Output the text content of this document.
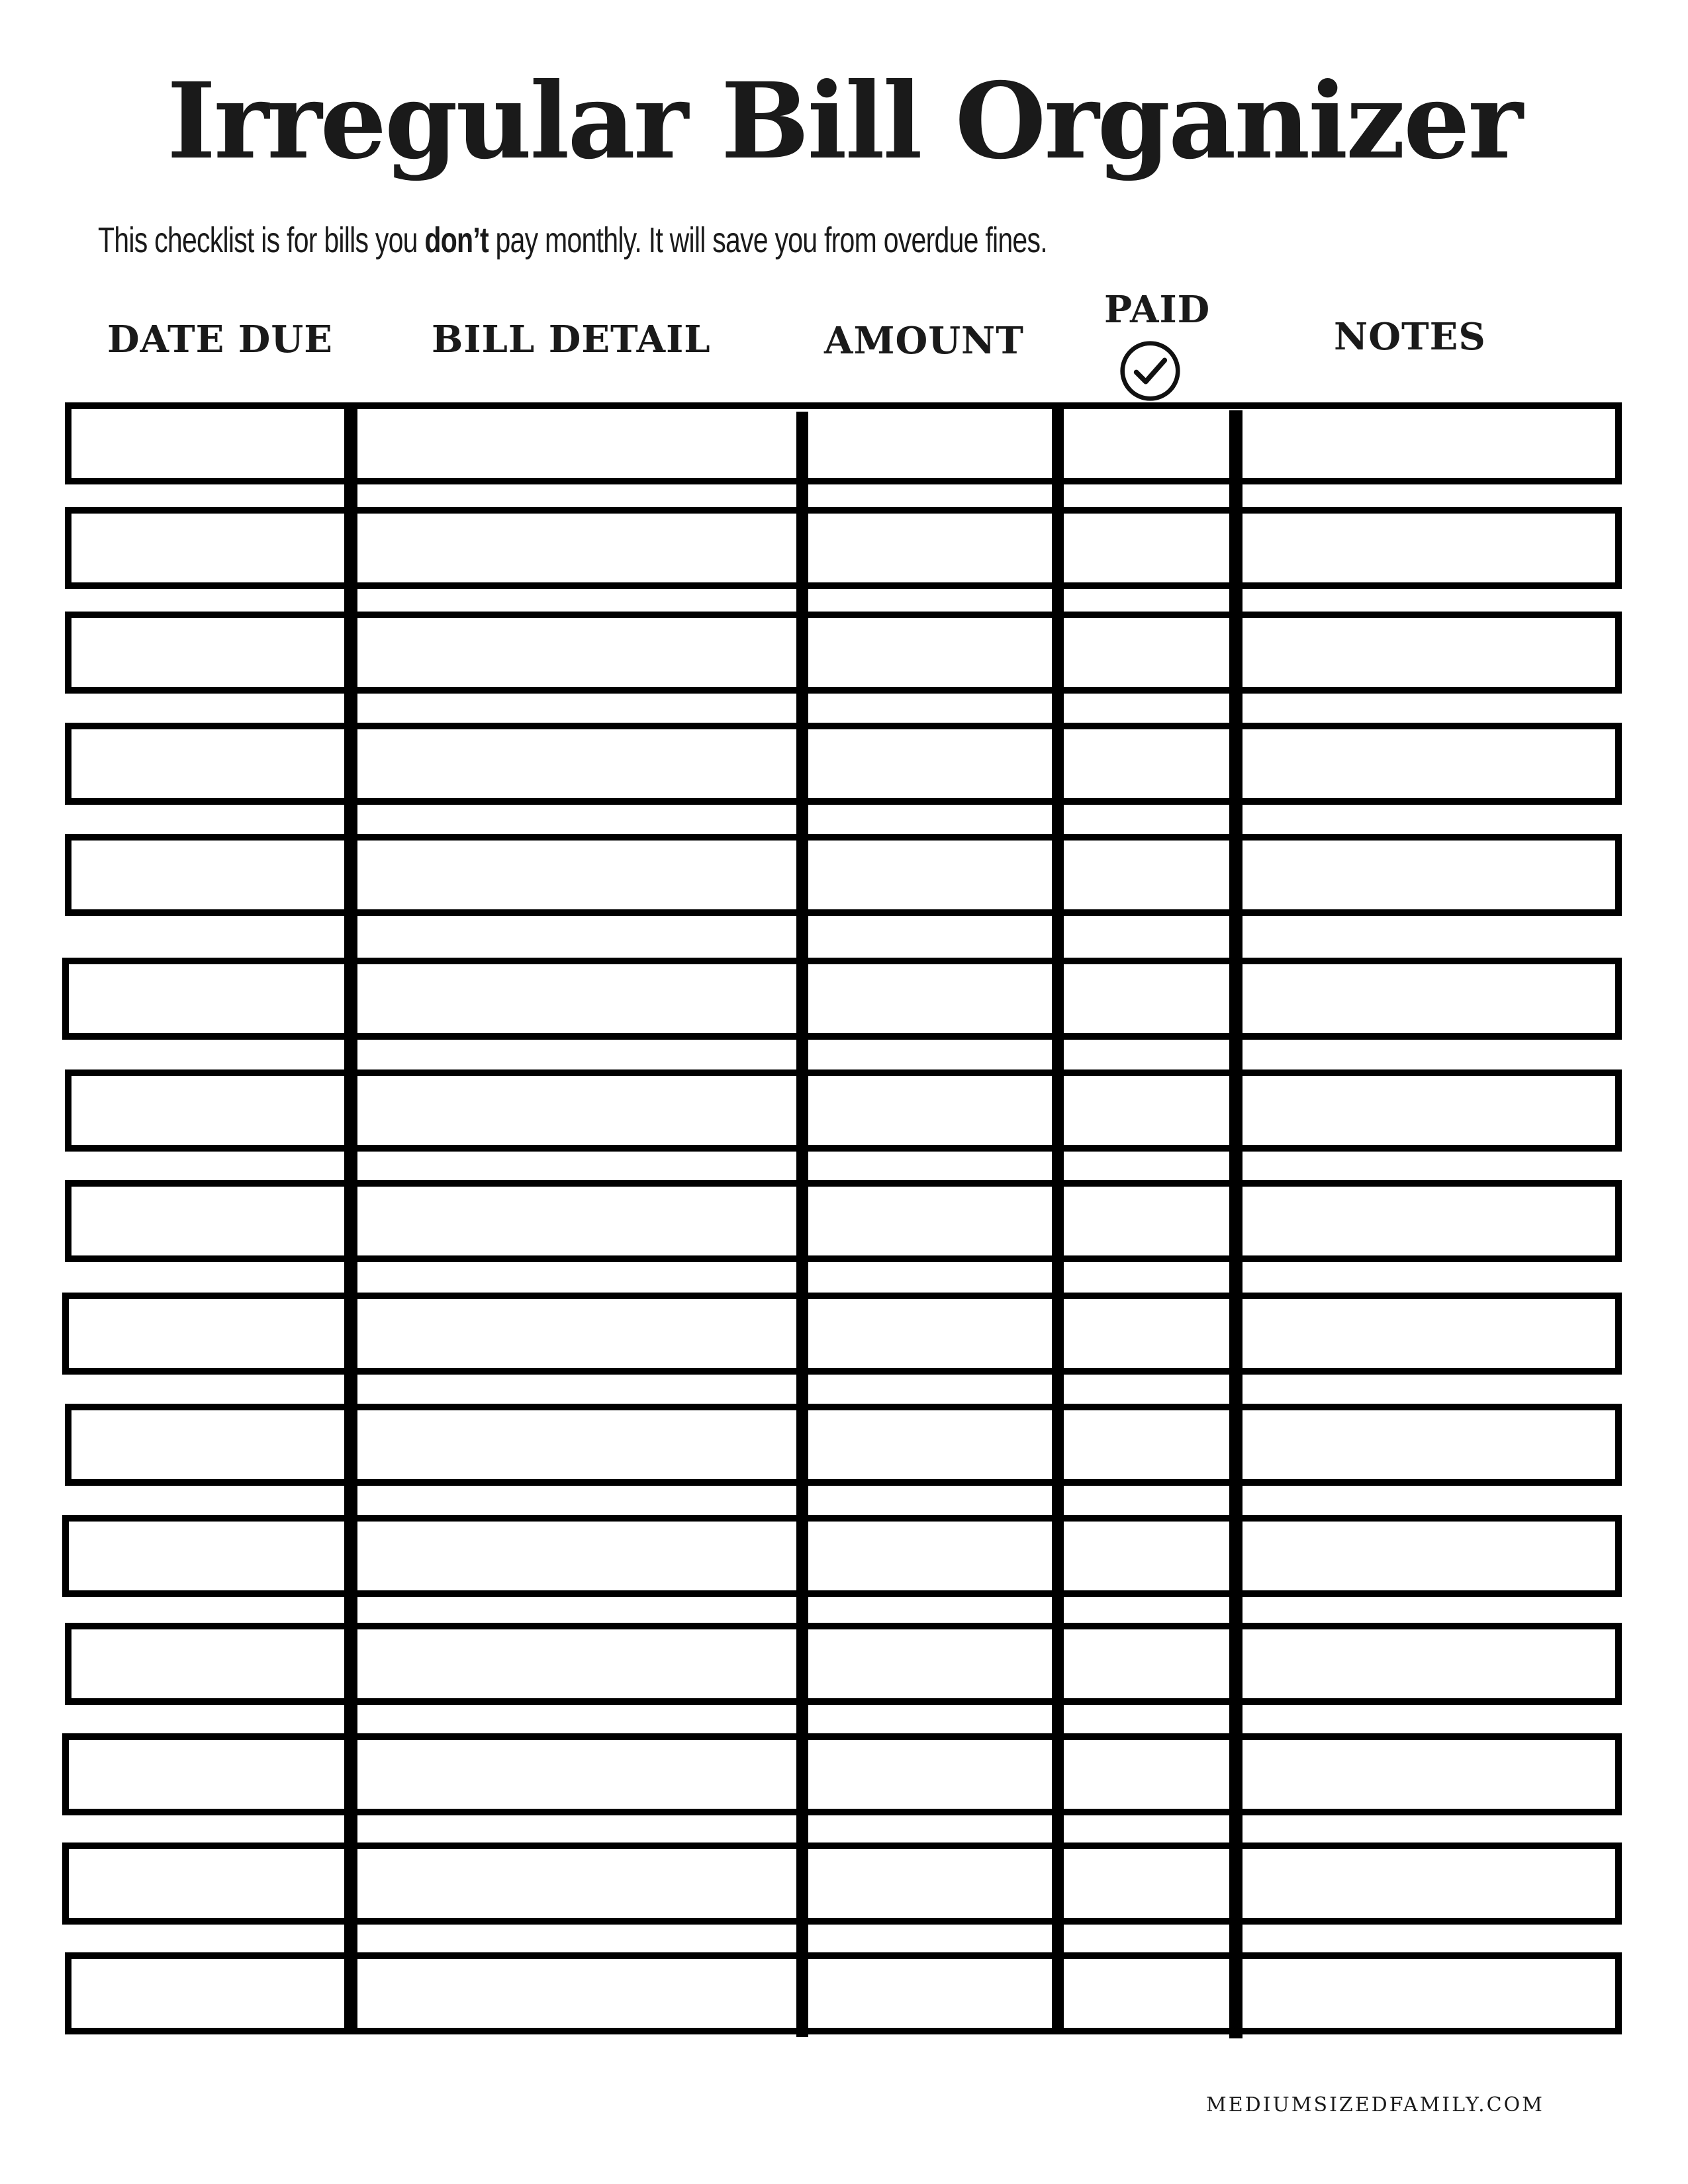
Irregular Bill Organizer

This checklist is for bills you don’t pay monthly. It will save you from overdue fines.

DATE DUE	BILL DETAIL	AMOUNT
PAID
NOTES

MEDIUMSIZEDFAMILY.COM
